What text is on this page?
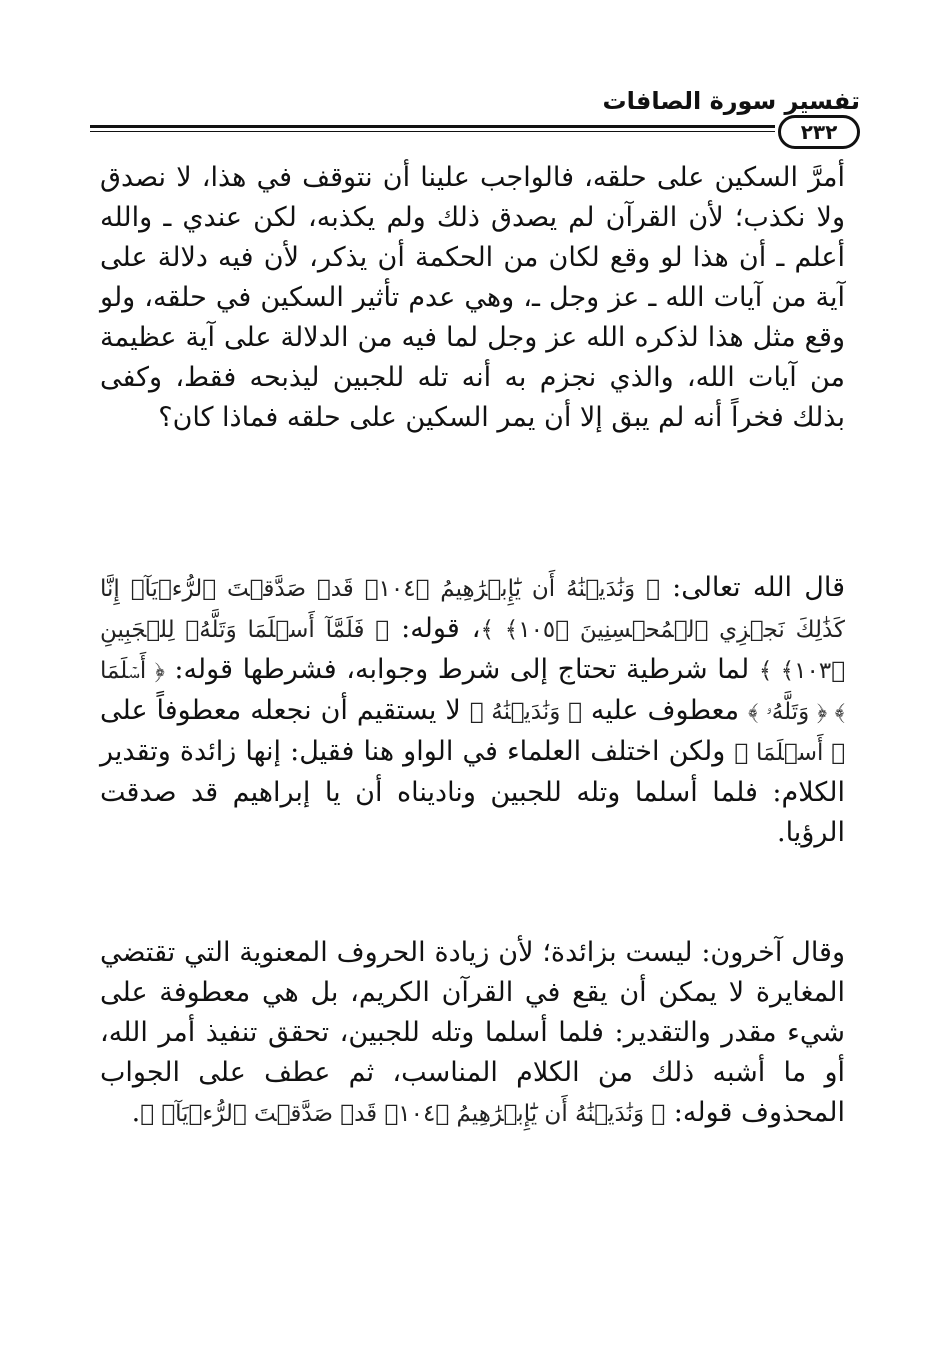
تفسير سورة الصافات
٢٣٢

أمرَّ السكين على حلقه، فالواجب علينا أن نتوقف في هذا، لا نصدق ولا نكذب؛ لأن القرآن لم يصدق ذلك ولم يكذبه، لكن عندي ـ والله أعلم ـ أن هذا لو وقع لكان من الحكمة أن يذكر، لأن فيه دلالة على آية من آيات الله ـ عز وجل ـ، وهي عدم تأثير السكين في حلقه، ولو وقع مثل هذا لذكره الله عز وجل لما فيه من الدلالة على آية عظيمة من آيات الله، والذي نجزم به أنه تله للجبين ليذبحه فقط، وكفى بذلك فخراً أنه لم يبق إلا أن يمر السكين على حلقه فماذا كان؟

قال الله تعالى: ﴿ وَنَٰدَيۡنَٰهُ أَن يَٰٓإِبۡرَٰهِيمُ ﴿١٠٤﴾ قَدۡ صَدَّقۡتَ ٱلرُّءۡيَآۚ إِنَّا كَذَٰلِكَ نَجۡزِي ٱلۡمُحۡسِنِينَ ﴿١٠٥﴾ ﴾، قوله: ﴿ فَلَمَّآ أَسۡلَمَا وَتَلَّهُۥ لِلۡجَبِينِ ﴿١٠٣﴾ ﴾ لما شرطية تحتاج إلى شرط وجوابه، فشرطها قوله: ﴿ أَسۡلَمَا ﴾ ﴿ وَتَلَّهُۥ ﴾ معطوف عليه ﴿ وَنَٰدَيۡنَٰهُ ﴾ لا يستقيم أن نجعله معطوفاً على ﴿ أَسۡلَمَا ﴾ ولكن اختلف العلماء في الواو هنا فقيل: إنها زائدة وتقدير الكلام: فلما أسلما وتله للجبين وناديناه أن يا إبراهيم قد صدقت الرؤيا.

وقال آخرون: ليست بزائدة؛ لأن زيادة الحروف المعنوية التي تقتضي المغايرة لا يمكن أن يقع في القرآن الكريم، بل هي معطوفة على شيء مقدر والتقدير: فلما أسلما وتله للجبين، تحقق تنفيذ أمر الله، أو ما أشبه ذلك من الكلام المناسب، ثم عطف على الجواب المحذوف قوله: ﴿ وَنَٰدَيۡنَٰهُ أَن يَٰٓإِبۡرَٰهِيمُ ﴿١٠٤﴾ قَدۡ صَدَّقۡتَ ٱلرُّءۡيَآۚ ﴾.
